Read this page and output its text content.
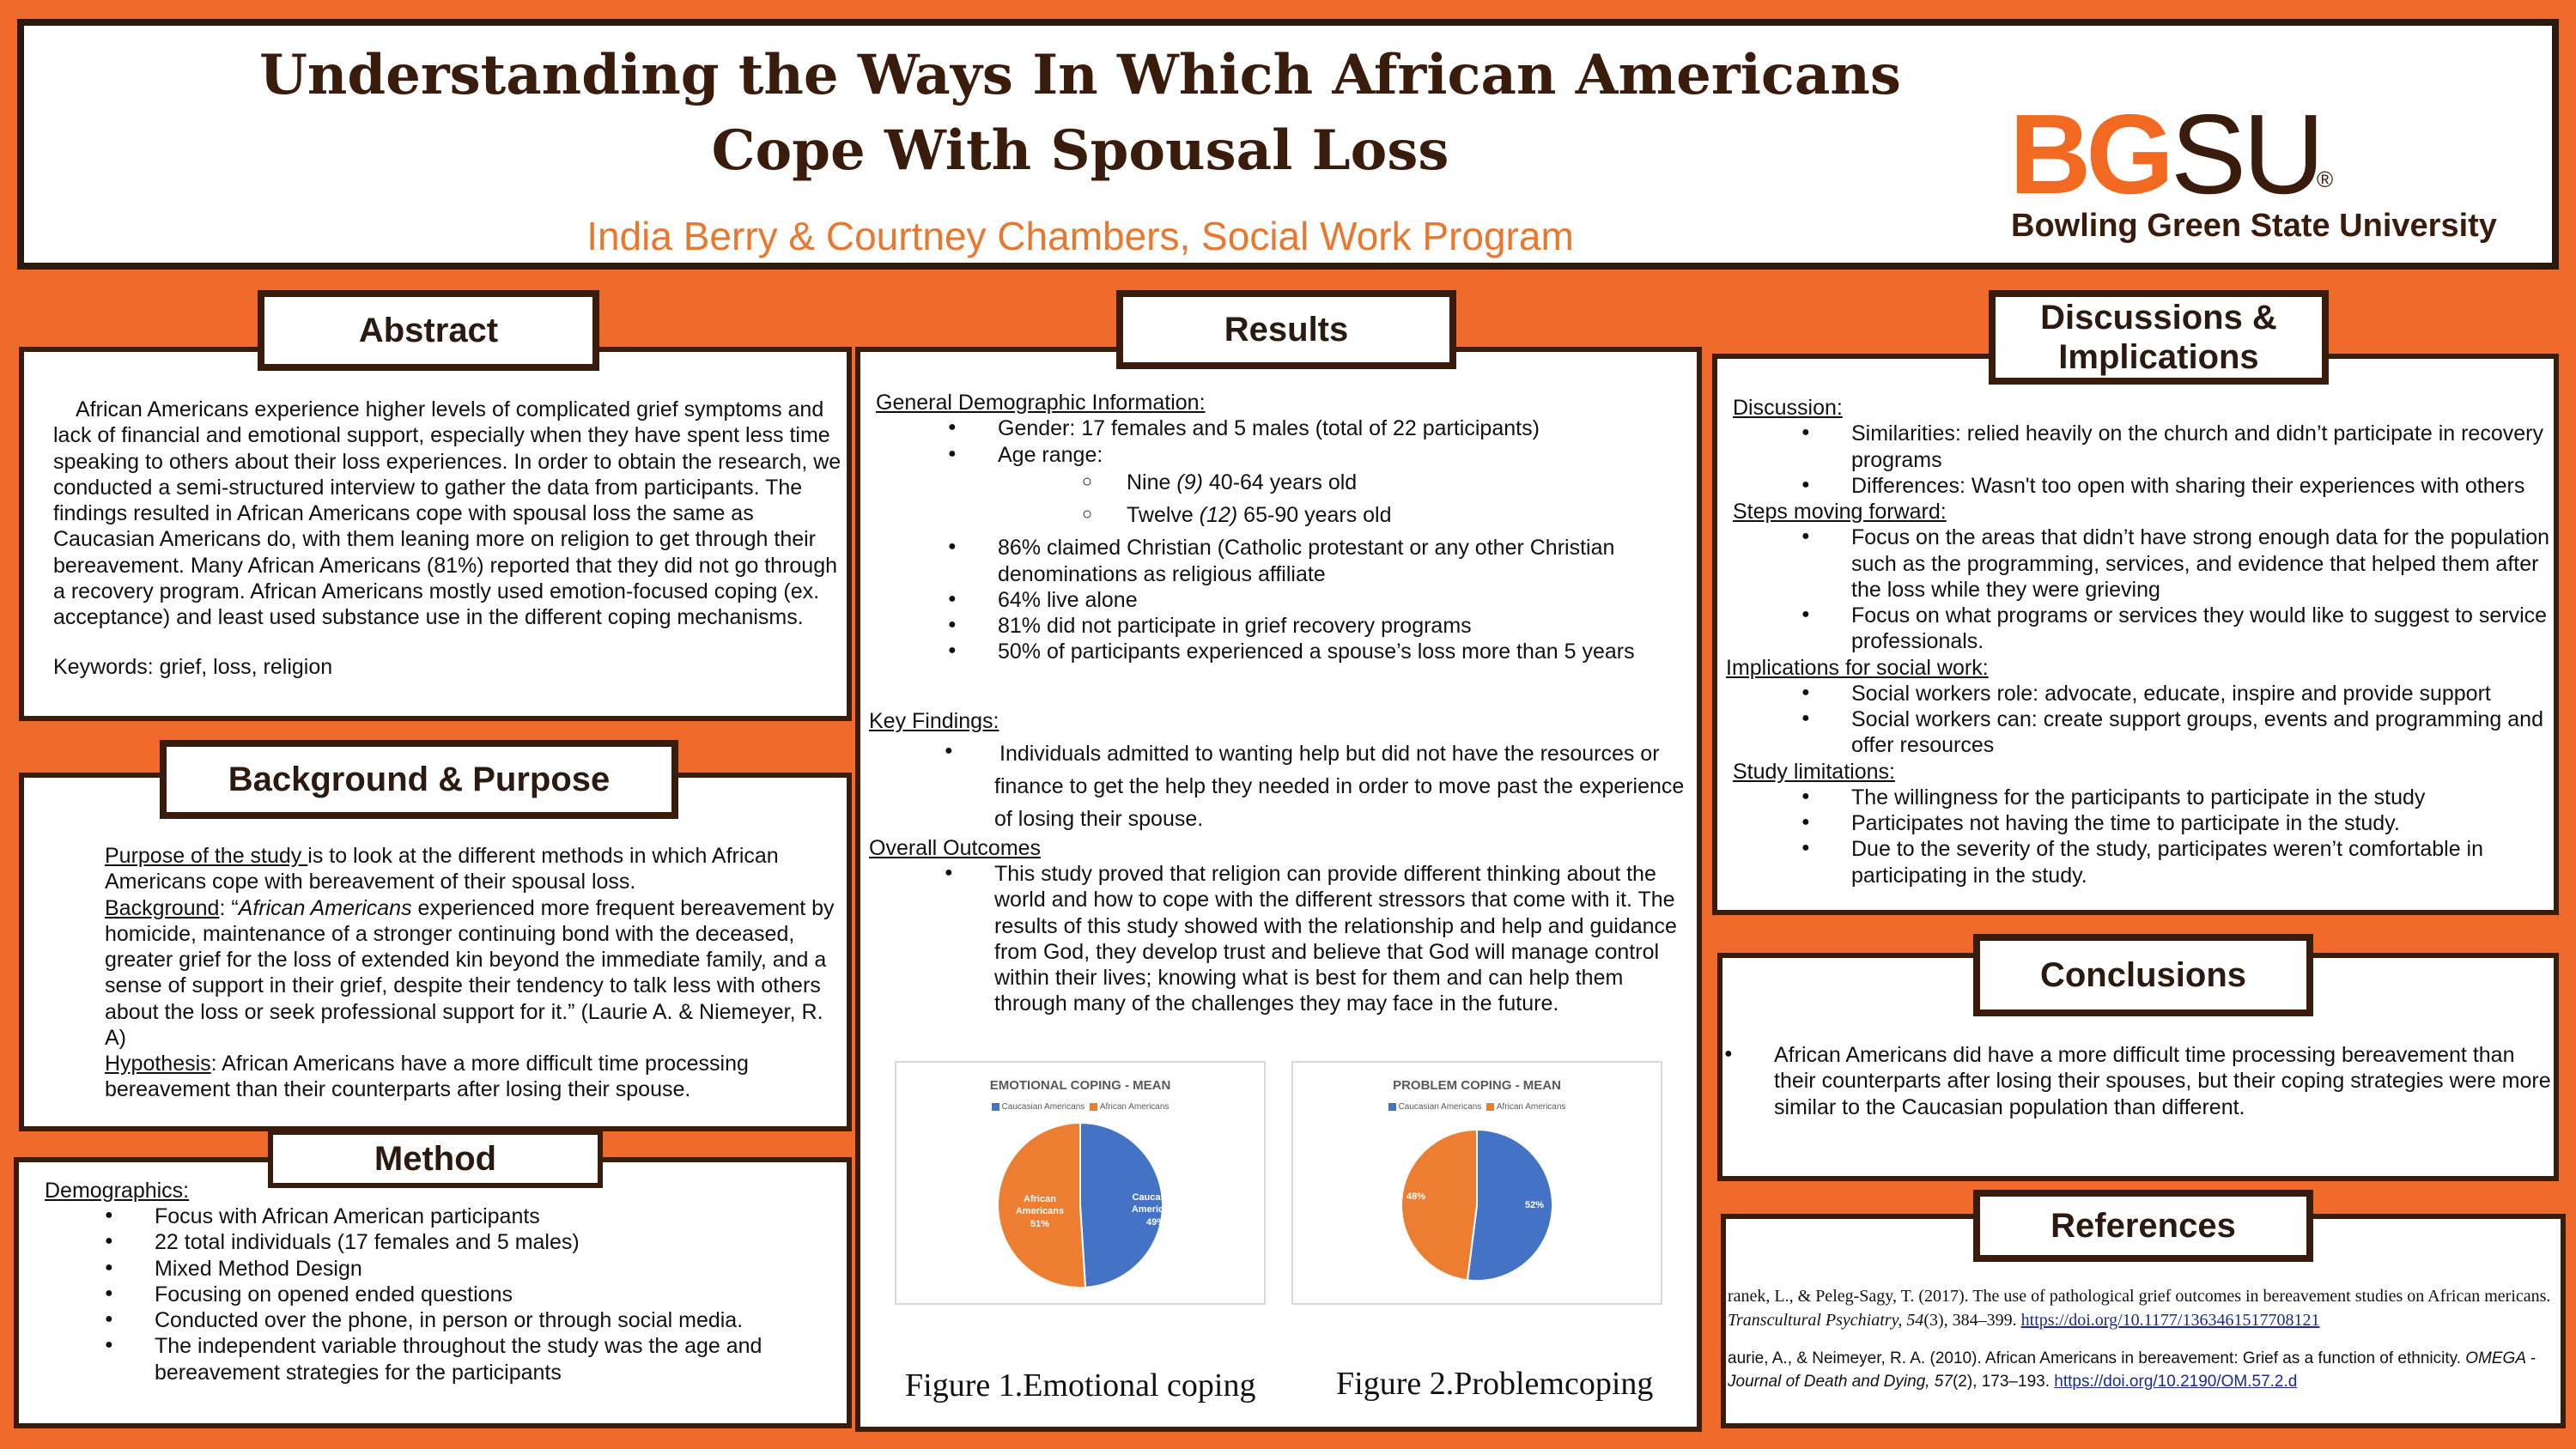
Understanding the Ways In Which African Americans
Cope With Spousal Loss
India Berry & Courtney Chambers, Social Work Program
BG SU
®
Bowling Green State University
African Americans experience higher levels of complicated grief symptoms and lack of financial and emotional support, especially when they have spent less time speaking to others about their loss experiences. In order to obtain the research, we conducted a semi-structured interview to gather the data from participants. The findings resulted in African Americans cope with spousal loss the same as Caucasian Americans do, with them leaning more on religion to get through their bereavement. Many African Americans (81%) reported that they did not go through a recovery program. African Americans mostly used emotion-focused coping (ex. acceptance) and least used substance use in the different coping mechanisms.
Keywords: grief, loss, religion
Abstract
● Purpose of the study is to look at the different methods in which African Americans cope with bereavement of their spousal loss.
● Background: “African Americans experienced more frequent bereavement by homicide, maintenance of a stronger continuing bond with the deceased, greater grief for the loss of extended kin beyond the immediate family, and a sense of support in their grief, despite their tendency to talk less with others about the loss or seek professional support for it.” (Laurie A. & Niemeyer, R. A)
● Hypothesis: African Americans have a more difficult time processing bereavement than their counterparts after losing their spouse.
Background & Purpose
Demographics:
● Focus with African American participants
● 22 total individuals (17 females and 5 males)
● Mixed Method Design
● Focusing on opened ended questions
● Conducted over the phone, in person or through social media.
● The independent variable throughout the study was the age and bereavement strategies for the participants
Method
General Demographic Information:
● Gender: 17 females and 5 males (total of 22 participants)
● Age range:
○ Nine (9) 40-64 years old
○ Twelve (12) 65-90 years old
● 86% claimed Christian (Catholic protestant or any other Christian denominations as religious affiliate
● 64% live alone
● 81% did not participate in grief recovery programs
● 50% of participants experienced a spouse’s loss more than 5 years
Key Findings:
● Individuals admitted to wanting help but did not have the resources or finance to get the help they needed in order to move past the experience of losing their spouse.
Overall Outcomes
● This study proved that religion can provide different thinking about the world and how to cope with the different stressors that come with it. The results of this study showed with the relationship and help and guidance from God, they develop trust and believe that God will manage control within their lives; knowing what is best for them and can help them through many of the challenges they may face in the future.
EMOTIONAL COPING - MEAN
Caucasian Americans African Americans
Caucasian
Americans
49%
African
Americans
51%
PROBLEM COPING - MEAN
Caucasian Americans African Americans
52%
48%
Figure 1.Emotional coping Figure 2.Problemcoping
Results
Discussion:
● Similarities: relied heavily on the church and didn’t participate in recovery programs
● Differences: Wasn't too open with sharing their experiences with others
Steps moving forward:
● Focus on the areas that didn’t have strong enough data for the population such as the programming, services, and evidence that helped them after the loss while they were grieving
● Focus on what programs or services they would like to suggest to service professionals.
Implications for social work:
● Social workers role: advocate, educate, inspire and provide support
● Social workers can: create support groups, events and programming and offer resources
Study limitations:
● The willingness for the participants to participate in the study
● Participates not having the time to participate in the study.
● Due to the severity of the study, participates weren’t comfortable in participating in the study.
Discussions &
Implications
● African Americans did have a more difficult time processing bereavement than their counterparts after losing their spouses, but their coping strategies were more similar to the Caucasian population than different.
Conclusions
ranek, L., & Peleg-Sagy, T. (2017). The use of pathological grief outcomes in bereavement studies on African mericans. Transcultural Psychiatry, 54(3), 384–399. https://doi.org/10.1177/1363461517708121
aurie, A., & Neimeyer, R. A. (2010). African Americans in bereavement: Grief as a function of ethnicity. OMEGA - Journal of Death and Dying, 57(2), 173–193. https://doi.org/10.2190/OM.57.2.d
References
